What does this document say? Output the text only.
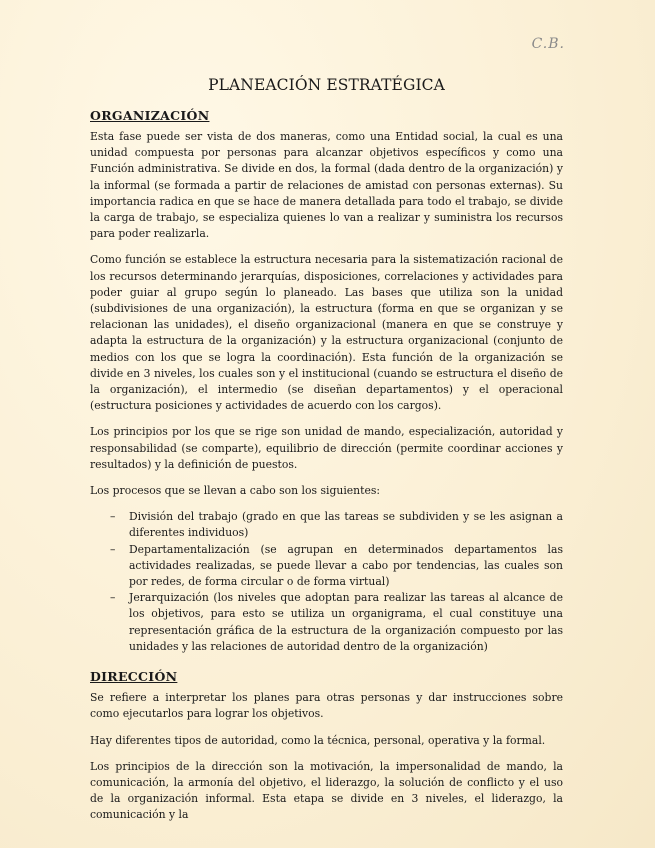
C.B.
PLANEACIÓN ESTRATÉGICA
ORGANIZACIÓN

Esta fase puede ser vista de dos maneras, como una Entidad social, la cual es una unidad compuesta por personas para alcanzar objetivos específicos y como una Función administrativa. Se divide en dos, la formal (dada dentro de la organización) y la informal (se formada a partir de relaciones de amistad con personas externas). Su importancia radica en que se hace de manera detallada para todo el trabajo, se divide la carga de trabajo, se especializa quienes lo van a realizar y suministra los recursos para poder realizarla.

Como función se establece la estructura necesaria para la sistematización racional de los recursos determinando jerarquías, disposiciones, correlaciones y actividades para poder guiar al grupo según lo planeado. Las bases que utiliza son la unidad (subdivisiones de una organización), la estructura (forma en que se organizan y se relacionan las unidades), el diseño organizacional (manera en que se construye y adapta la estructura de la organización) y la estructura organizacional (conjunto de medios con los que se logra la coordinación). Esta función de la organización se divide en 3 niveles, los cuales son y el institucional (cuando se estructura el diseño de la organización), el intermedio (se diseñan departamentos) y el operacional (estructura posiciones y actividades de acuerdo con los cargos).

Los principios por los que se rige son unidad de mando, especialización, autoridad y responsabilidad (se comparte), equilibrio de dirección (permite coordinar acciones y resultados) y la definición de puestos.

Los procesos que se llevan a cabo son los siguientes:

– División del trabajo (grado en que las tareas se subdividen y se les asignan a diferentes individuos)
– Departamentalización (se agrupan en determinados departamentos las actividades realizadas, se puede llevar a cabo por tendencias, las cuales son por redes, de forma circular o de forma virtual)
– Jerarquización (los niveles que adoptan para realizar las tareas al alcance de los objetivos, para esto se utiliza un organigrama, el cual constituye una representación gráfica de la estructura de la organización compuesto por las unidades y las relaciones de autoridad dentro de la organización)
DIRECCIÓN

Se refiere a interpretar los planes para otras personas y dar instrucciones sobre como ejecutarlos para lograr los objetivos.

Hay diferentes tipos de autoridad, como la técnica, personal, operativa y la formal.

Los principios de la dirección son la motivación, la impersonalidad de mando, la comunicación, la armonía del objetivo, el liderazgo, la solución de conflicto y el uso de la organización informal. Esta etapa se divide en 3 niveles, el liderazgo, la comunicación y la
